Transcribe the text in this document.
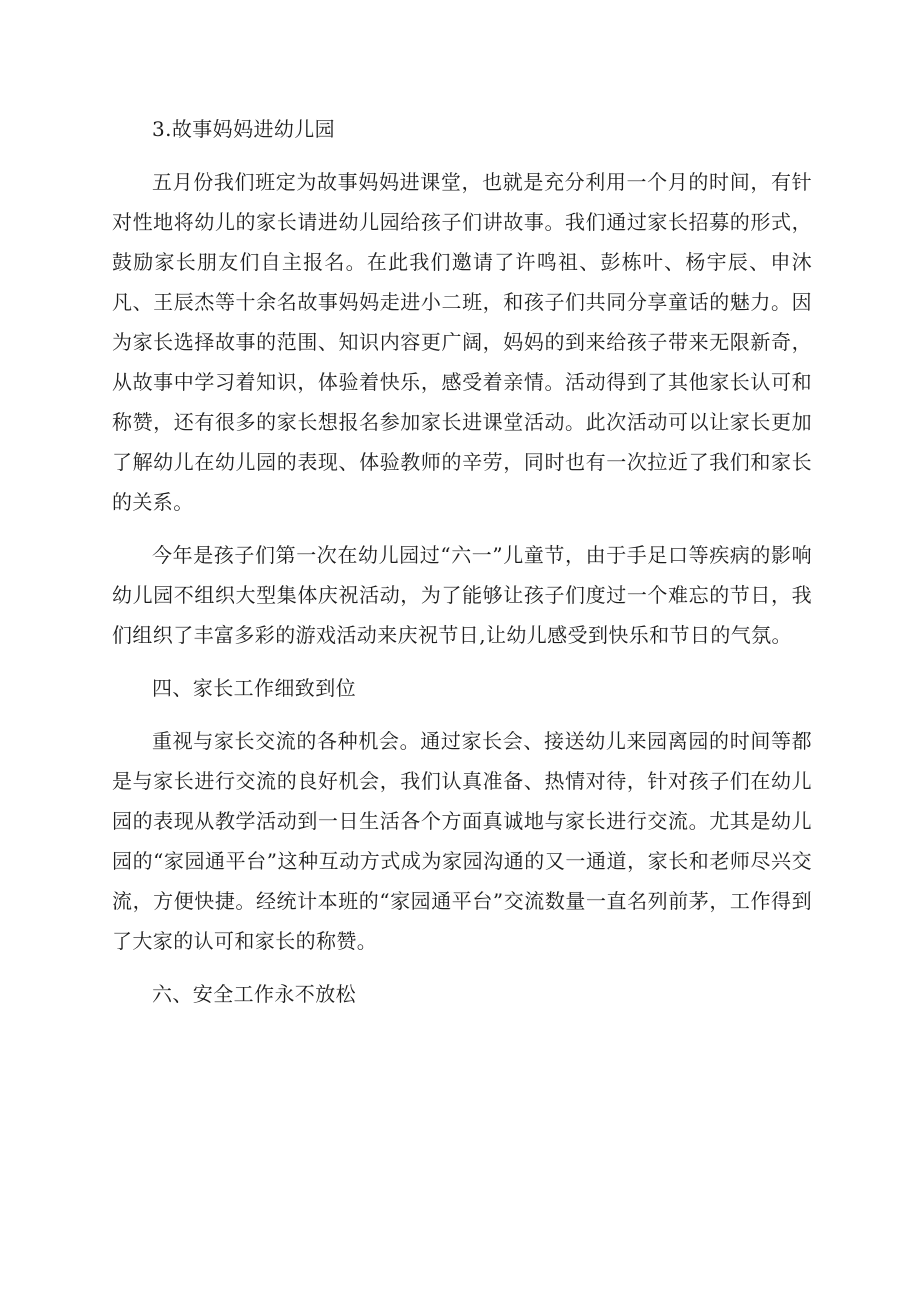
3.故事妈妈进幼儿园

五月份我们班定为故事妈妈进课堂，也就是充分利用一个月的时间，有针对性地将幼儿的家长请进幼儿园给孩子们讲故事。我们通过家长招募的形式，鼓励家长朋友们自主报名。在此我们邀请了许鸣祖、彭栋叶、杨宇辰、申沐凡、王辰杰等十余名故事妈妈走进小二班，和孩子们共同分享童话的魅力。因为家长选择故事的范围、知识内容更广阔，妈妈的到来给孩子带来无限新奇，从故事中学习着知识，体验着快乐，感受着亲情。活动得到了其他家长认可和称赞，还有很多的家长想报名参加家长进课堂活动。此次活动可以让家长更加了解幼儿在幼儿园的表现、体验教师的辛劳，同时也有一次拉近了我们和家长的关系。

今年是孩子们第一次在幼儿园过“六一”儿童节，由于手足口等疾病的影响幼儿园不组织大型集体庆祝活动，为了能够让孩子们度过一个难忘的节日，我们组织了丰富多彩的游戏活动来庆祝节日,让幼儿感受到快乐和节日的气氛。

四、家长工作细致到位

重视与家长交流的各种机会。通过家长会、接送幼儿来园离园的时间等都是与家长进行交流的良好机会，我们认真准备、热情对待，针对孩子们在幼儿园的表现从教学活动到一日生活各个方面真诚地与家长进行交流。尤其是幼儿园的“家园通平台”这种互动方式成为家园沟通的又一通道，家长和老师尽兴交流，方便快捷。经统计本班的“家园通平台”交流数量一直名列前茅，工作得到了大家的认可和家长的称赞。

六、安全工作永不放松
